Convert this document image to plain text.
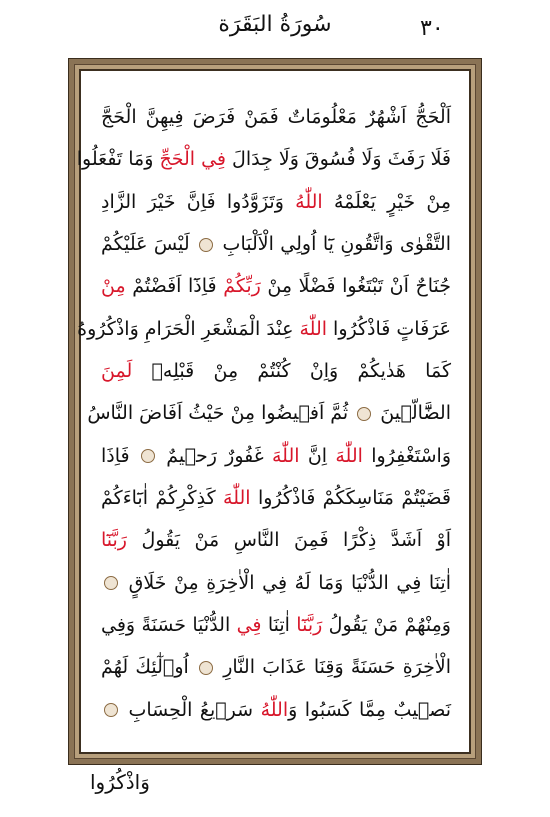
سُورَةُ البَقَرَة	٣٠
اَلْحَجُّ اَشْهُرٌ مَعْلُومَاتٌ فَمَنْ فَرَضَ فِيهِنَّ الْحَجَّ
فَلَا رَفَثَ وَلَا فُسُوقَ وَلَا جِدَالَ فِي الْحَجِّ وَمَا تَفْعَلُوا
مِنْ خَيْرٍ يَعْلَمْهُ اللّٰهُ وَتَزَوَّدُوا فَاِنَّ خَيْرَ الزَّادِ
التَّقْوٰى وَاتَّقُونِ يَٓا اُولِي الْاَلْبَابِ  لَيْسَ عَلَيْكُمْ
جُنَاحٌ اَنْ تَبْتَغُوا فَضْلًا مِنْ رَبِّكُمْ فَاِذَٓا اَفَضْتُمْ مِنْ
عَرَفَاتٍ فَاذْكُرُوا اللّٰهَ عِنْدَ الْمَشْعَرِ الْحَرَامِ وَاذْكُرُوهُ
كَمَا هَدٰيكُمْ وَاِنْ كُنْتُمْ مِنْ قَبْلِه۪ لَمِنَ
الضَّٓالّ۪ينَ  ثُمَّ اَف۪يضُوا مِنْ حَيْثُ اَفَاضَ النَّاسُ
وَاسْتَغْفِرُوا اللّٰهَ اِنَّ اللّٰهَ غَفُورٌ رَح۪يمٌ  فَاِذَا
قَضَيْتُمْ مَنَاسِكَكُمْ فَاذْكُرُوا اللّٰهَ كَذِكْرِكُمْ اٰبَٓاءَكُمْ
اَوْ اَشَدَّ ذِكْرًا فَمِنَ النَّاسِ مَنْ يَقُولُ رَبَّنَٓا
اٰتِنَا فِي الدُّنْيَا وَمَا لَهُ فِي الْاٰخِرَةِ مِنْ خَلَاقٍ
وَمِنْهُمْ مَنْ يَقُولُ رَبَّنَٓا اٰتِنَا فِي الدُّنْيَا حَسَنَةً وَفِي
الْاٰخِرَةِ حَسَنَةً وَقِنَا عَذَابَ النَّارِ  اُو۬لٰٓئِكَ لَهُمْ
نَص۪يبٌ مِمَّا كَسَبُوا وَاللّٰهُ سَر۪يعُ الْحِسَابِ
وَاذْكُرُوا
